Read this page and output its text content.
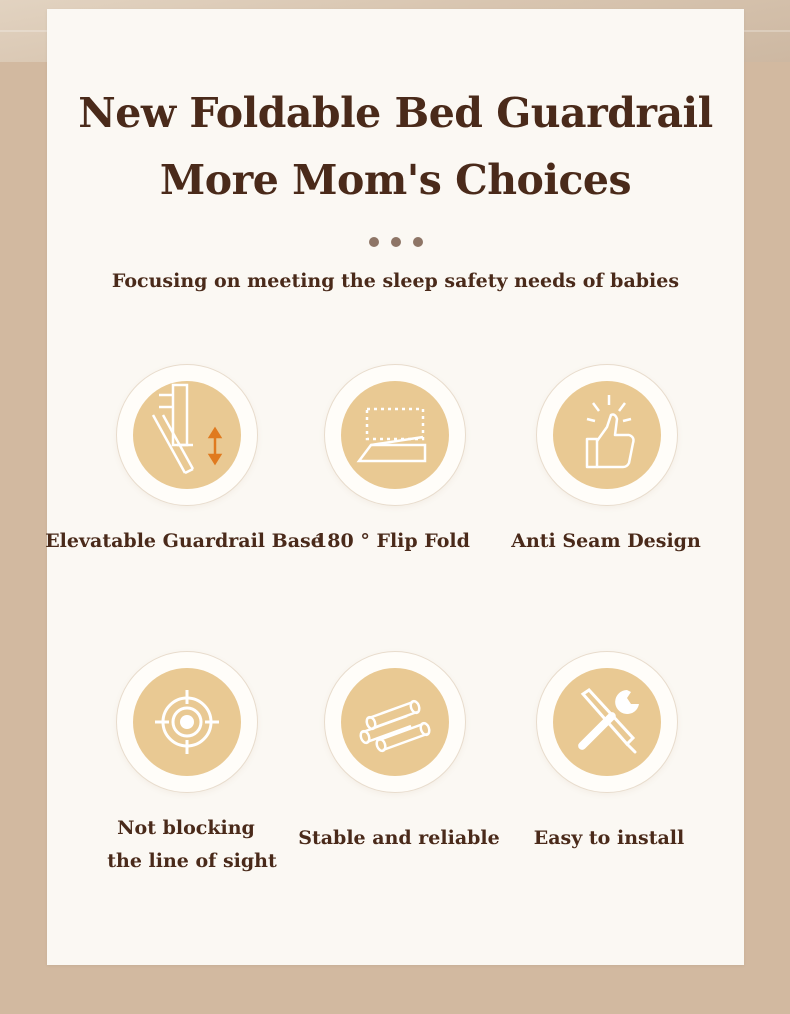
New Foldable Bed Guardrail
More Mom's Choices
Focusing on meeting the sleep safety needs of babies
Elevatable Guardrail Base
180 ° Flip Fold	Anti Seam Design
Not blocking
the line of sight
Stable and reliable	Easy to install
